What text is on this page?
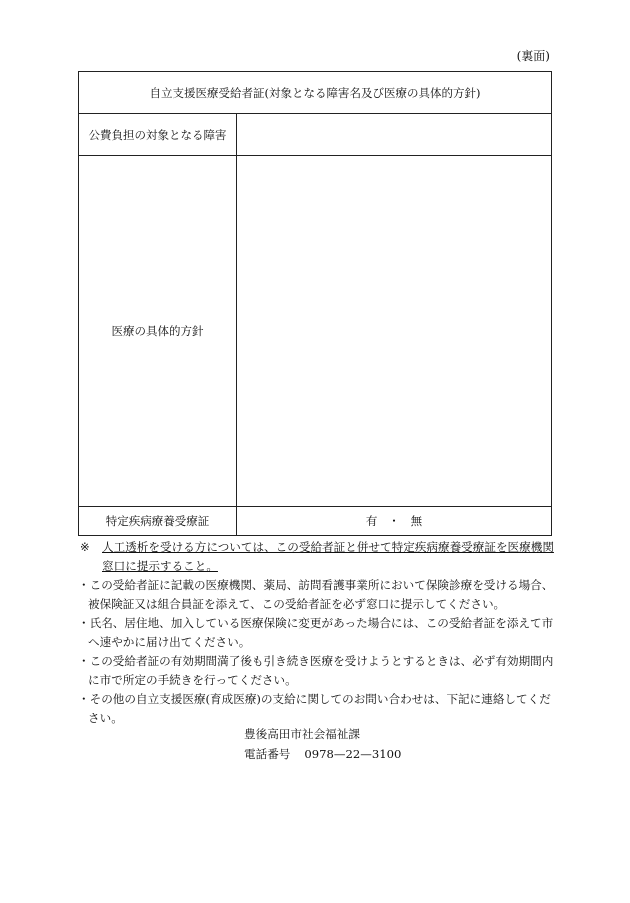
(裏面)
自立支援医療受給者証(対象となる障害名及び医療の具体的方針)	
公費負担の対象となる障害	
医療の具体的方針	
特定疾病療養受療証	有 ・ 無

※ 人工透析を受ける方については、この受給者証と併せて特定疾病療養受療証を医療機関窓口に提示すること。

・この受給者証に記載の医療機関、薬局、訪問看護事業所において保険診療を受ける場合、被保険証又は組合員証を添えて、この受給者証を必ず窓口に提示してください。

・氏名、居住地、加入している医療保険に変更があった場合には、この受給者証を添えて市へ速やかに届け出てください。

・この受給者証の有効期間満了後も引き続き医療を受けようとするときは、必ず有効期間内に市で所定の手続きを行ってください。

・その他の自立支援医療(育成医療)の支給に関してのお問い合わせは、下記に連絡してください。

豊後高田市社会福祉課
電話番号 0978—22—3100
